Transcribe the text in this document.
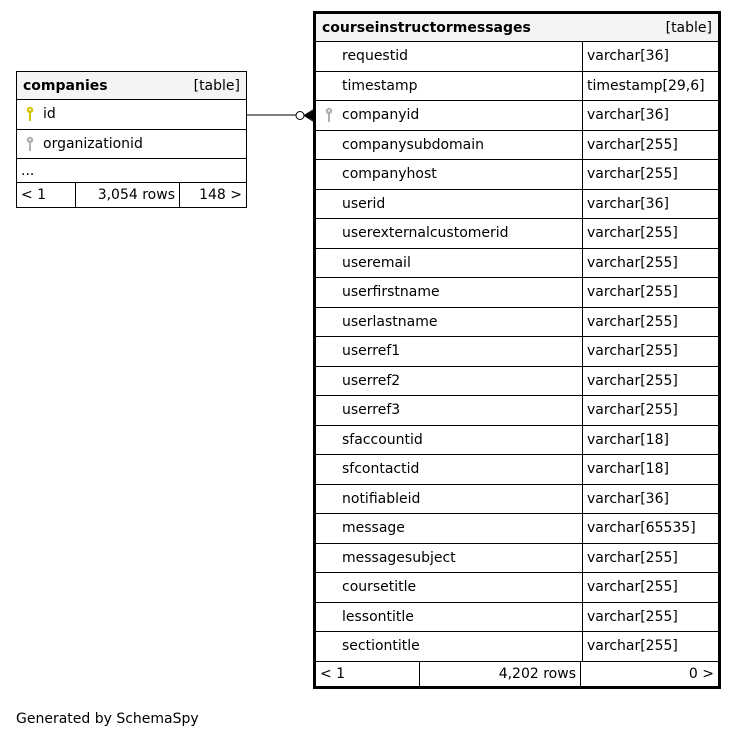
companies	[table]
id
organizationid
...
< 1	3,054 rows	148 >
courseinstructormessages	[table]
requestid	varchar[36]
timestamp	timestamp[29,6]
companyid	varchar[36]
companysubdomain	varchar[255]
companyhost	varchar[255]
userid	varchar[36]
userexternalcustomerid	varchar[255]
useremail	varchar[255]
userfirstname	varchar[255]
userlastname	varchar[255]
userref1	varchar[255]
userref2	varchar[255]
userref3	varchar[255]
sfaccountid	varchar[18]
sfcontactid	varchar[18]
notifiableid	varchar[36]
message	varchar[65535]
messagesubject	varchar[255]
coursetitle	varchar[255]
lessontitle	varchar[255]
sectiontitle	varchar[255]
< 1	4,202 rows	0 >
Generated by SchemaSpy
